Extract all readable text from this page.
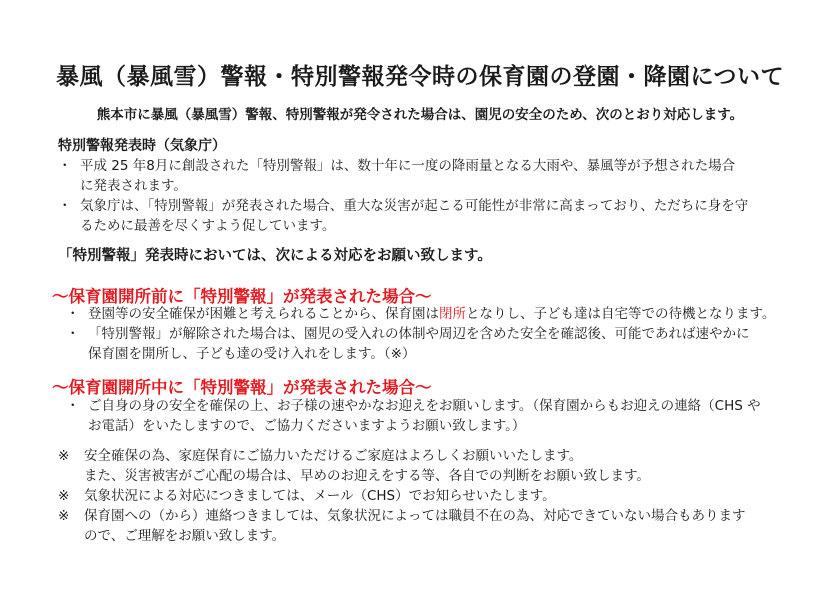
暴風（暴風雪）警報・特別警報発令時の保育園の登園・降園について
熊本市に暴風（暴風雪）警報、特別警報が発令された場合は、園児の安全のため、次のとおり対応します。
特別警報発表時（気象庁）
・ 平成 25 年8月に創設された「特別警報」は、数十年に一度の降雨量となる大雨や、暴風等が予想された場合
に発表されます。
・ 気象庁は、「特別警報」が発表された場合、重大な災害が起こる可能性が非常に高まっており、ただちに身を守
るために最善を尽くすよう促しています。
「特別警報」発表時においては、次による対応をお願い致します。
～保育園開所前に「特別警報」が発表された場合～
・ 登園等の安全確保が困難と考えられることから、保育園は閉所となりし、子ども達は自宅等での待機となります。
・ 「特別警報」が解除された場合は、園児の受入れの体制や周辺を含めた安全を確認後、可能であれば速やかに
保育園を開所し、子ども達の受け入れをします。（※）
～保育園開所中に「特別警報」が発表された場合～
・ ご自身の身の安全を確保の上、お子様の速やかなお迎えをお願いします。（保育園からもお迎えの連絡（CHS や
お電話）をいたしますので、ご協力くださいますようお願い致します。）
※	安全確保の為、家庭保育にご協力いただけるご家庭はよろしくお願いいたします。
また、災害被害がご心配の場合は、早めのお迎えをする等、各自での判断をお願い致します。
※	気象状況による対応につきましては、メール（CHS）でお知らせいたします。
※	保育園への（から）連絡つきましては、気象状況によっては職員不在の為、対応できていない場合もあります
ので、ご理解をお願い致します。
